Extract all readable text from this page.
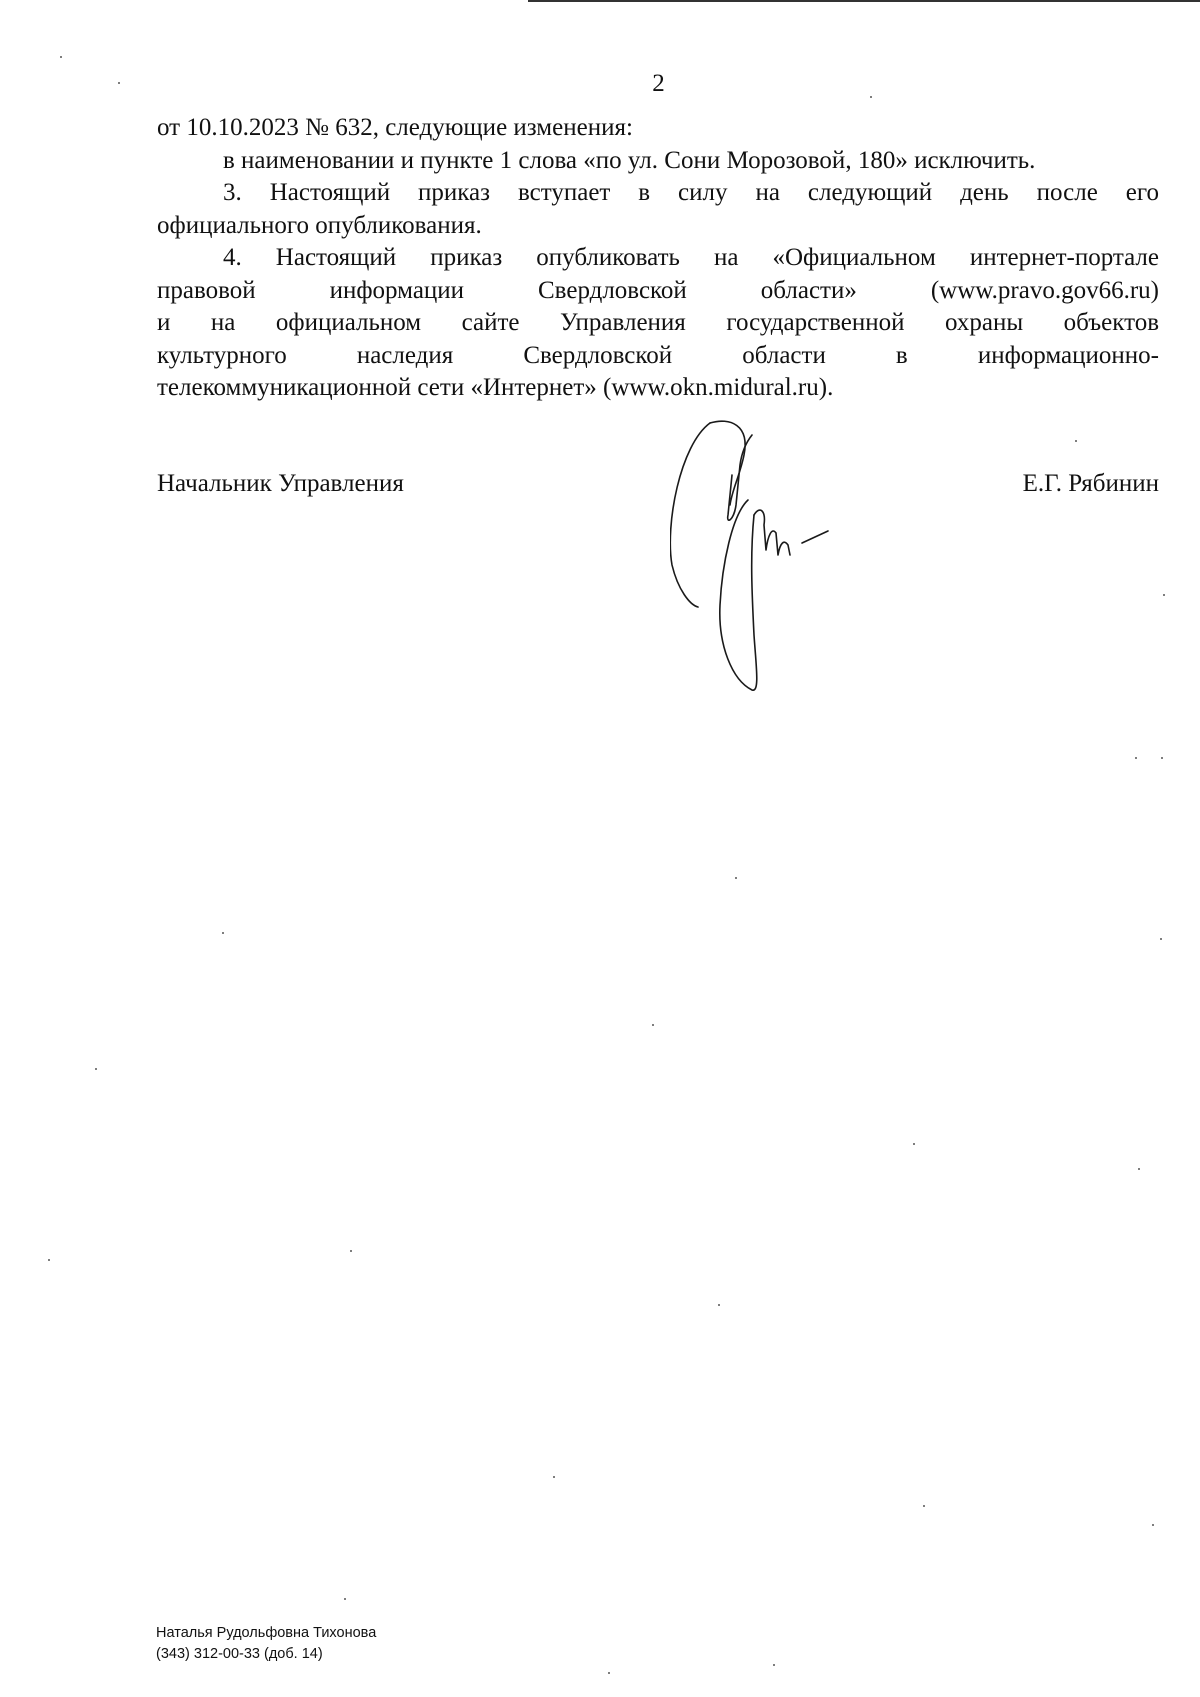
2

от 10.10.2023 № 632, следующие изменения:

в наименовании и пункте 1 слова «по ул. Сони Морозовой, 180» исключить.

3. Настоящий приказ вступает в силу на следующий день после его

официального опубликования.

4. Настоящий приказ опубликовать на «Официальном интернет-портале

правовой информации Свердловской области» (www.pravo.gov66.ru)

и на официальном сайте Управления государственной охраны объектов

культурного наследия Свердловской области в информационно-

телекоммуникационной сети «Интернет» (www.okn.midural.ru).

Начальник Управления	Е.Г. Рябинин
Наталья Рудольфовна Тихонова
(343) 312-00-33 (доб. 14)
